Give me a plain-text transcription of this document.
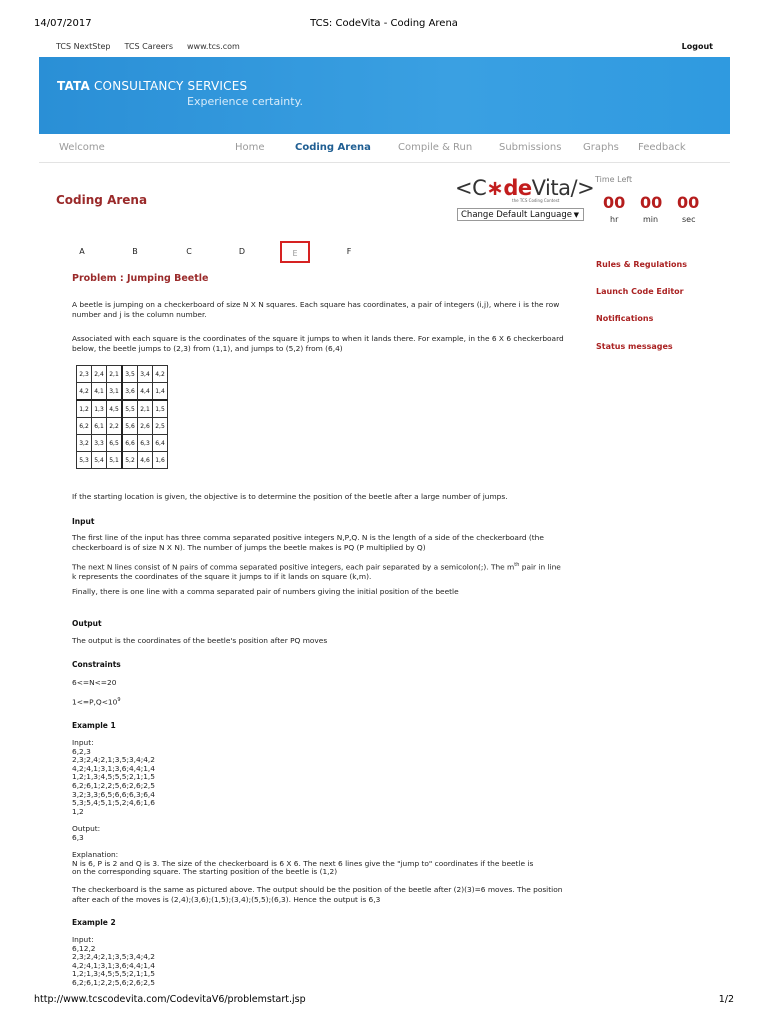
14/07/2017	TCS: CodeVita - Coding Arena
TCS NextStep TCS Careers www.tcs.com	Logout
TATA CONSULTANCY SERVICES
Experience certainty.
Welcome	Home	Coding Arena	Compile & Run	Submissions Graphs Feedback
Coding Arena	<C∗deVita/>
the TCS Coding Contest
Change Default Language ▼
Time Left
00 00 00
hr	min	sec
A	B	C	D	E	F
Rules & Regulations
Launch Code Editor
Notifications
Status messages
Problem : Jumping Beetle
A beetle is jumping on a checkerboard of size N X N squares. Each square has coordinates, a pair of integers (i,j), where i is the row number and j is the column number.
Associated with each square is the coordinates of the square it jumps to when it lands there. For example, in the 6 X 6 checkerboard below, the beetle jumps to (2,3) from (1,1), and jumps to (5,2) from (6,4)
2,3	2,4	2,1	3,5	3,4	4,2
4,2	4,1	3,1	3,6	4,4	1,4
1,2	1,3	4,5	5,5	2,1	1,5
6,2	6,1	2,2	5,6	2,6	2,5
3,2	3,3	6,5	6,6	6,3	6,4
5,3	5,4	5,1	5,2	4,6	1,6
If the starting location is given, the objective is to determine the position of the beetle after a large number of jumps.
Input
The first line of the input has three comma separated positive integers N,P,Q. N is the length of a side of the checkerboard (the checkerboard is of size N X N). The number of jumps the beetle makes is PQ (P multiplied by Q)
The next N lines consist of N pairs of comma separated positive integers, each pair separated by a semicolon(;). The $m^{th}$ pair in line k represents the coordinates of the square it jumps to if it lands on square (k,m).
Finally, there is one line with a comma separated pair of numbers giving the initial position of the beetle
Output
The output is the coordinates of the beetle's position after PQ moves
Constraints
6<=N<=20
$1<=P,Q<10^9$
Example 1
Input:
6,2,3
2,3;2,4;2,1;3,5;3,4;4,2
4,2;4,1;3,1;3,6;4,4;1,4
1,2;1,3;4,5;5,5;2,1;1,5
6,2;6,1;2,2;5,6;2,6;2,5
3,2;3,3;6,5;6,6;6,3;6,4
5,3;5,4;5,1;5,2;4,6;1,6
1,2
Output:
6,3
Explanation:
N is 6, P is 2 and Q is 3. The size of the checkerboard is 6 X 6. The next 6 lines give the "jump to" coordinates if the beetle is
on the corresponding square. The starting position of the beetle is (1,2)
The checkerboard is the same as pictured above. The output should be the position of the beetle after (2)(3)=6 moves. The position after each of the moves is (2,4);(3,6);(1,5);(3,4);(5,5);(6,3). Hence the output is 6,3
Example 2
Input:
6,12,2
2,3;2,4;2,1;3,5;3,4;4,2
4,2;4,1;3,1;3,6;4,4;1,4
1,2;1,3;4,5;5,5;2,1;1,5
6,2;6,1;2,2;5,6;2,6;2,5
http://www.tcscodevita.com/CodevitaV6/problemstart.jsp	1/2
